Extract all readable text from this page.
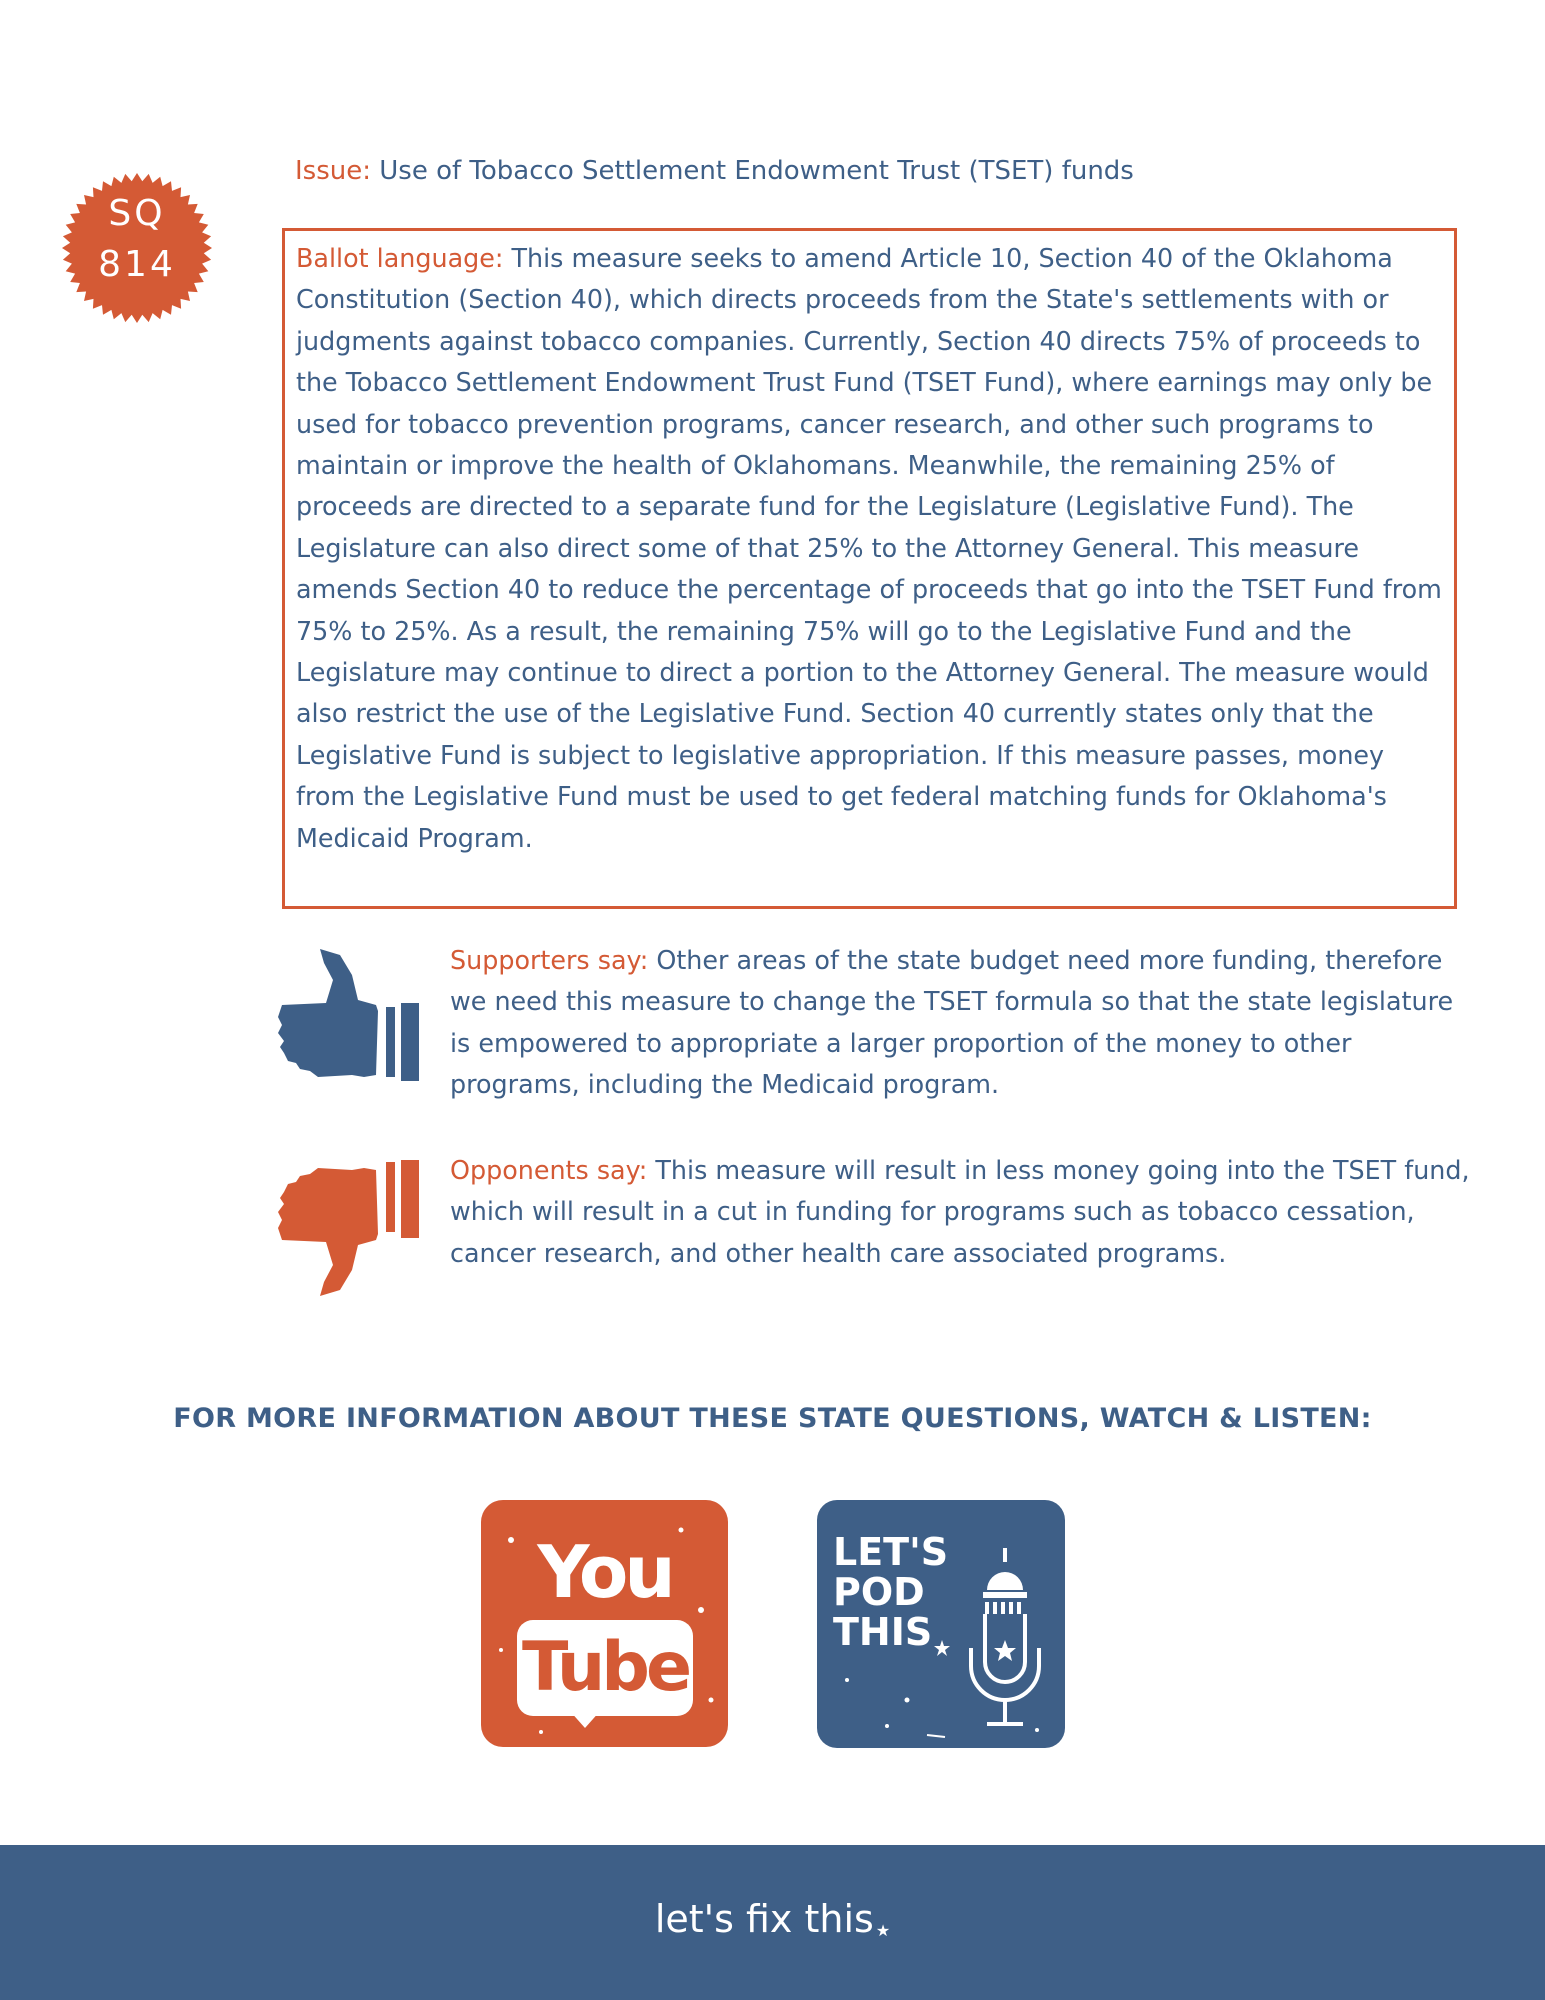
SQ
814
Issue: Use of Tobacco Settlement Endowment Trust (TSET) funds

Ballot language: This measure seeks to amend Article 10, Section 40 of the Oklahoma Constitution (Section 40), which directs proceeds from the State's settlements with or judgments against tobacco companies. Currently, Section 40 directs 75% of proceeds to the Tobacco Settlement Endowment Trust Fund (TSET Fund), where earnings may only be used for tobacco prevention programs, cancer research, and other such programs to maintain or improve the health of Oklahomans. Meanwhile, the remaining 25% of proceeds are directed to a separate fund for the Legislature (Legislative Fund). The Legislature can also direct some of that 25% to the Attorney General. This measure amends Section 40 to reduce the percentage of proceeds that go into the TSET Fund from 75% to 25%. As a result, the remaining 75% will go to the Legislative Fund and the Legislature may continue to direct a portion to the Attorney General. The measure would also restrict the use of the Legislative Fund. Section 40 currently states only that the Legislative Fund is subject to legislative appropriation. If this measure passes, money from the Legislative Fund must be used to get federal matching funds for Oklahoma's Medicaid Program.

Supporters say: Other areas of the state budget need more funding, therefore we need this measure to change the TSET formula so that the state legislature is empowered to appropriate a larger proportion of the money to other programs, including the Medicaid program.
Opponents say: This measure will result in less money going into the TSET fund, which will result in a cut in funding for programs such as tobacco cessation, cancer research, and other health care associated programs.
FOR MORE INFORMATION ABOUT THESE STATE QUESTIONS, WATCH & LISTEN:
You
Tube
LET'S
POD
THIS
let's fix this ★
